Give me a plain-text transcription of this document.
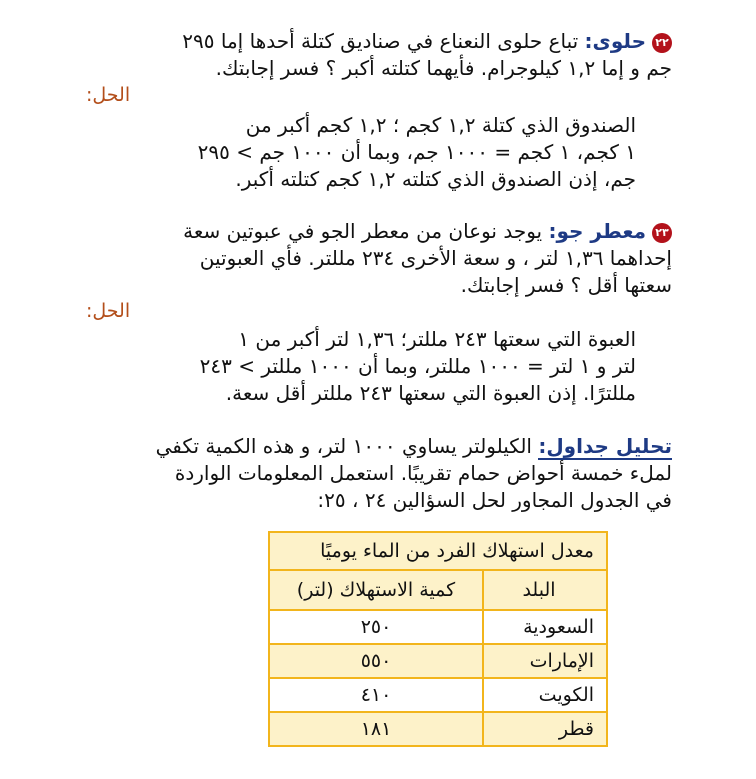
٢٢حلوى: تباع حلوى النعناع في صناديق كتلة أحدها إما ٢٩٥
جم و إما ١,٢ كيلوجرام. فأيهما كتلته أكبر ؟ فسر إجابتك.
الحل:
الصندوق الذي كتلة ١,٢ كجم ؛ ١,٢ كجم أكبر من
١ كجم، ١ كجم = ١٠٠٠ جم، وبما أن ١٠٠٠ جم > ٢٩٥
جم، إذن الصندوق الذي كتلته ١,٢ كجم كتلته أكبر.
٢٣معطر جو: يوجد نوعان من معطر الجو في عبوتين سعة
إحداهما ١,٣٦ لتر ، و سعة الأخرى ٢٣٤ مللتر. فأي العبوتين
سعتها أقل ؟ فسر إجابتك.
الحل:
العبوة التي سعتها ٢٤٣ مللتر؛ ١,٣٦ لتر أكبر من ١
لتر و ١ لتر = ١٠٠٠ مللتر، وبما أن ١٠٠٠ مللتر > ٢٤٣
مللترًا. إذن العبوة التي سعتها ٢٤٣ مللتر أقل سعة.
تحليل جداول: الكيلولتر يساوي ١٠٠٠ لتر، و هذه الكمية تكفي
لملء خمسة أحواض حمام تقريبًا. استعمل المعلومات الواردة
في الجدول المجاور لحل السؤالين ٢٤ ، ٢٥:
معدل استهلاك الفرد من الماء يوميًا	
البلد	كمية الاستهلاك (لتر)
السعودية	٢٥٠
الإمارات	٥٥٠
الكويت	٤١٠
قطر	١٨١
